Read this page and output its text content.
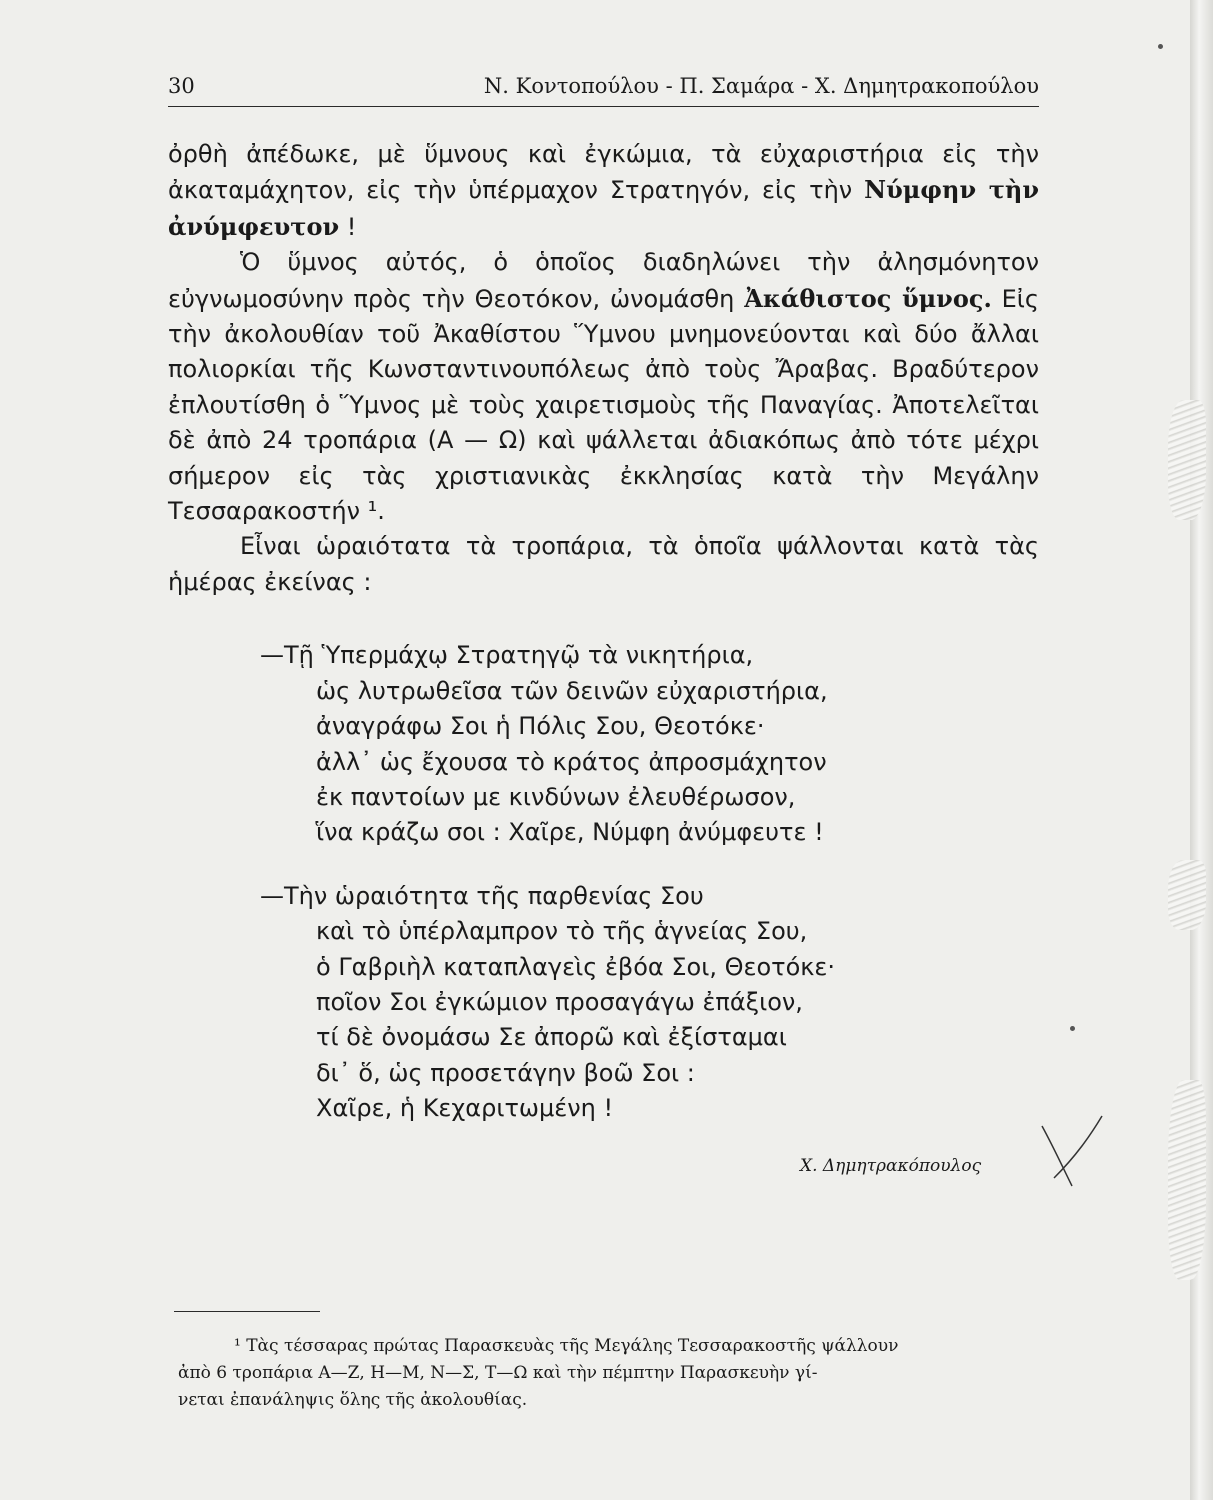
30	Ν. Κοντοπούλου - Π. Σαμάρα - Χ. Δημητρακοπούλου

ὀρθὴ ἀπέδωκε, μὲ ὕμνους καὶ ἐγκώμια, τὰ εὐχαριστήρια εἰς τὴν ἀκαταμάχητον, εἰς τὴν ὑπέρμαχον Στρατηγόν, εἰς τὴν Νύμφην τὴν ἀνύμφευτον !

Ὁ ὕμνος αὐτός, ὁ ὁποῖος διαδηλώνει τὴν ἀλησμόνητον εὐγνωμοσύνην πρὸς τὴν Θεοτόκον, ὠνομάσθη Ἀκάθιστος ὕμνος. Εἰς τὴν ἀκολουθίαν τοῦ Ἀκαθίστου Ὕμνου μνημονεύονται καὶ δύο ἄλλαι πολιορκίαι τῆς Κωνσταντινουπόλεως ἀπὸ τοὺς Ἄραβας. Βραδύτερον ἐπλουτίσθη ὁ Ὕμνος μὲ τοὺς χαιρετισμοὺς τῆς Παναγίας. Ἀποτελεῖται δὲ ἀπὸ 24 τροπάρια (Α — Ω) καὶ ψάλλεται ἀδιακόπως ἀπὸ τότε μέχρι σήμερον εἰς τὰς χριστιανικὰς ἐκκλησίας κατὰ τὴν Μεγάλην Τεσσαρακοστήν ¹.

Εἶναι ὡραιότατα τὰ τροπάρια, τὰ ὁποῖα ψάλλονται κατὰ τὰς ἡμέρας ἐκείνας :

—Τῇ Ὑπερμάχῳ Στρατηγῷ τὰ νικητήρια,
ὡς λυτρωθεῖσα τῶν δεινῶν εὐχαριστήρια,
ἀναγράφω Σοι ἡ Πόλις Σου, Θεοτόκε·
ἀλλ᾽ ὡς ἔχουσα τὸ κράτος ἀπροσμάχητον
ἐκ παντοίων με κινδύνων ἐλευθέρωσον,
ἵνα κράζω σοι : Χαῖρε, Νύμφη ἀνύμφευτε !
—Τὴν ὡραιότητα τῆς παρθενίας Σου
καὶ τὸ ὑπέρλαμπρον τὸ τῆς ἁγνείας Σου,
ὁ Γαβριὴλ καταπλαγεὶς ἐβόα Σοι, Θεοτόκε·
ποῖον Σοι ἐγκώμιον προσαγάγω ἐπάξιον,
τί δὲ ὀνομάσω Σε ἀπορῶ καὶ ἐξίσταμαι
δι᾽ ὅ, ὡς προσετάγην βοῶ Σοι :
Χαῖρε, ἡ Κεχαριτωμένη !
Χ. Δημητρακόπουλος
¹ Τὰς τέσσαρας πρώτας Παρασκευὰς τῆς Μεγάλης Τεσσαρακοστῆς ψάλλουν
ἀπὸ 6 τροπάρια Α—Ζ, Η—Μ, Ν—Σ, Τ—Ω καὶ τὴν πέμπτην Παρασκευὴν γί-
νεται ἐπανάληψις ὅλης τῆς ἀκολουθίας.
